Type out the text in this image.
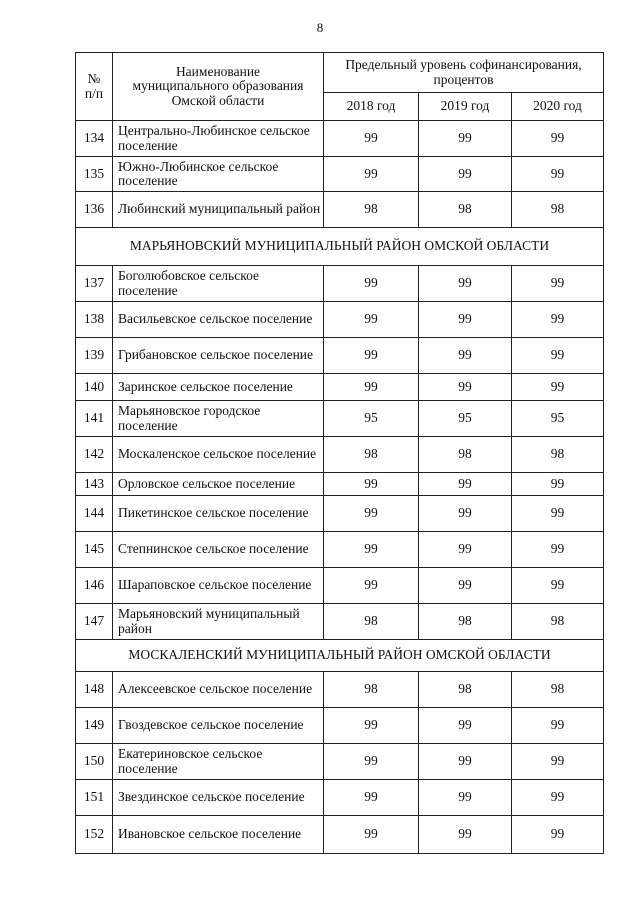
8
№
п/п	Наименование муниципального образования Омской области	Предельный уровень софинансирования, процентов		
		2018 год	2019 год	2020 год
134	Центрально-Любинское сельское поселение	99	99	99
135	Южно-Любинское сельское поселение	99	99	99
136	Любинский муниципальный район	98	98	98
МАРЬЯНОВСКИЙ МУНИЦИПАЛЬНЫЙ РАЙОН ОМСКОЙ ОБЛАСТИ				
137	Боголюбовское сельское поселение	99	99	99
138	Васильевское сельское поселение	99	99	99
139	Грибановское сельское поселение	99	99	99
140	Заринское сельское поселение	99	99	99
141	Марьяновское городское поселение	95	95	95
142	Москаленское сельское поселение	98	98	98
143	Орловское сельское поселение	99	99	99
144	Пикетинское сельское поселение	99	99	99
145	Степнинское сельское поселение	99	99	99
146	Шараповское сельское поселение	99	99	99
147	Марьяновский муниципальный район	98	98	98
МОСКАЛЕНСКИЙ МУНИЦИПАЛЬНЫЙ РАЙОН ОМСКОЙ ОБЛАСТИ				
148	Алексеевское сельское поселение	98	98	98
149	Гвоздевское сельское поселение	99	99	99
150	Екатериновское сельское поселение	99	99	99
151	Звездинское сельское поселение	99	99	99
152	Ивановское сельское поселение	99	99	99
